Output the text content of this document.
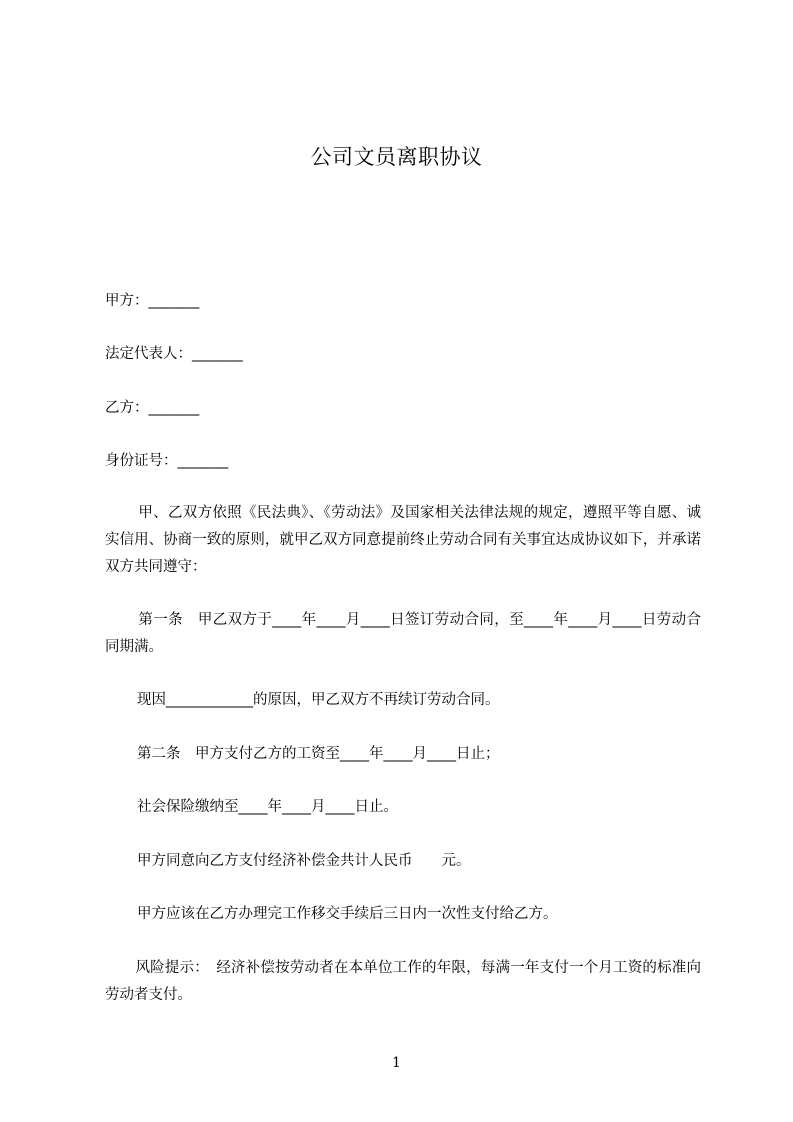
公司文员离职协议
甲方：_______
法定代表人：_______
乙方：_______
身份证号：_______
甲、乙双方依照《民法典》、《劳动法》及国家相关法律法规的规定，遵照平等自愿、诚实信用、协商一致的原则，就甲乙双方同意提前终止劳动合同有关事宜达成协议如下，并承诺双方共同遵守：
第一条　甲乙双方于____年____月____日签订劳动合同，至____年____月____日劳动合同期满。
现因____________的原因，甲乙双方不再续订劳动合同。
第二条　甲方支付乙方的工资至____年____月____日止；
社会保险缴纳至____年____月____日止。
甲方同意向乙方支付经济补偿金共计人民币　　元。
甲方应该在乙方办理完工作移交手续后三日内一次性支付给乙方。
风险提示：　经济补偿按劳动者在本单位工作的年限，每满一年支付一个月工资的标准向劳动者支付。
1
